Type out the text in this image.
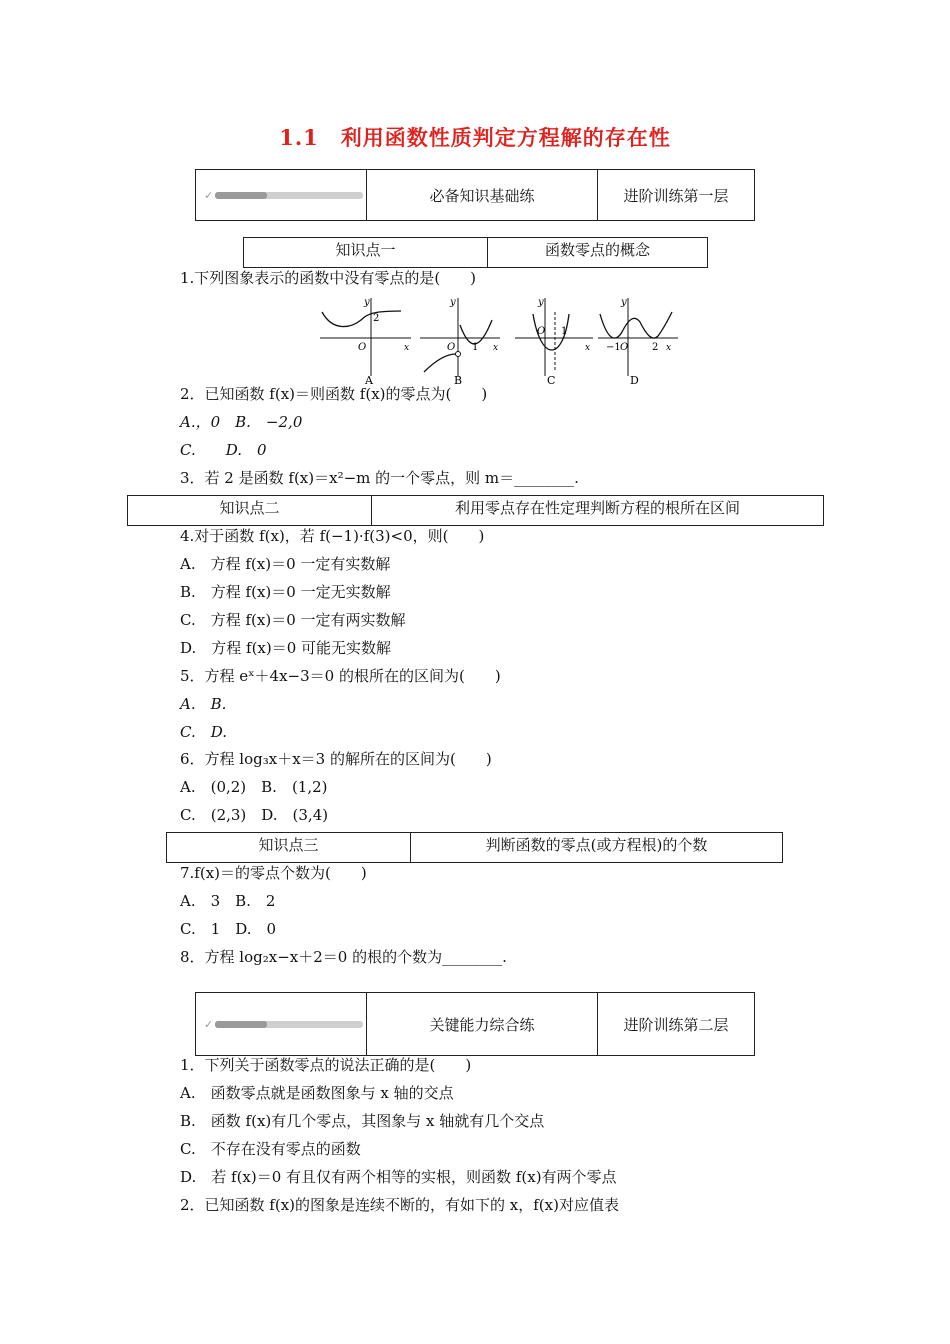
1.1　利用函数性质判定方程解的存在性
✓	必备知识基础练	进阶训练第一层
知识点一	函数零点的概念
1.下列图象表示的函数中没有零点的是(　　)
y
2
O	x
A
y
O 1 x
B
y
O 1
x
C
y
−1 O 2 x
D
2．已知函数 f(x)＝则函数 f(x)的零点为(　　)
A.，0　B.　−2,0
C.　　D.　0
3．若 2 是函数 f(x)＝x²−m 的一个零点，则 m＝________.
知识点二	利用零点存在性定理判断方程的根所在区间
4.对于函数 f(x)，若 f(−1)·f(3)<0，则(　　)
A.　方程 f(x)＝0 一定有实数解
B.　方程 f(x)＝0 一定无实数解
C.　方程 f(x)＝0 一定有两实数解
D.　方程 f(x)＝0 可能无实数解
5．方程 eˣ＋4x−3＝0 的根所在的区间为(　　)
A.　B.
C.　D.
6．方程 log₃x＋x＝3 的解所在的区间为(　　)
A.　(0,2)　B.　(1,2)
C.　(2,3)　D.　(3,4)
知识点三	判断函数的零点(或方程根)的个数
7.f(x)＝的零点个数为(　　)
A.　3　B.　2
C.　1　D.　0
8．方程 log₂x−x＋2＝0 的根的个数为________.
✓	关键能力综合练	进阶训练第二层
1．下列关于函数零点的说法正确的是(　　)
A.　函数零点就是函数图象与 x 轴的交点
B.　函数 f(x)有几个零点，其图象与 x 轴就有几个交点
C.　不存在没有零点的函数
D.　若 f(x)＝0 有且仅有两个相等的实根，则函数 f(x)有两个零点
2．已知函数 f(x)的图象是连续不断的，有如下的 x，f(x)对应值表
